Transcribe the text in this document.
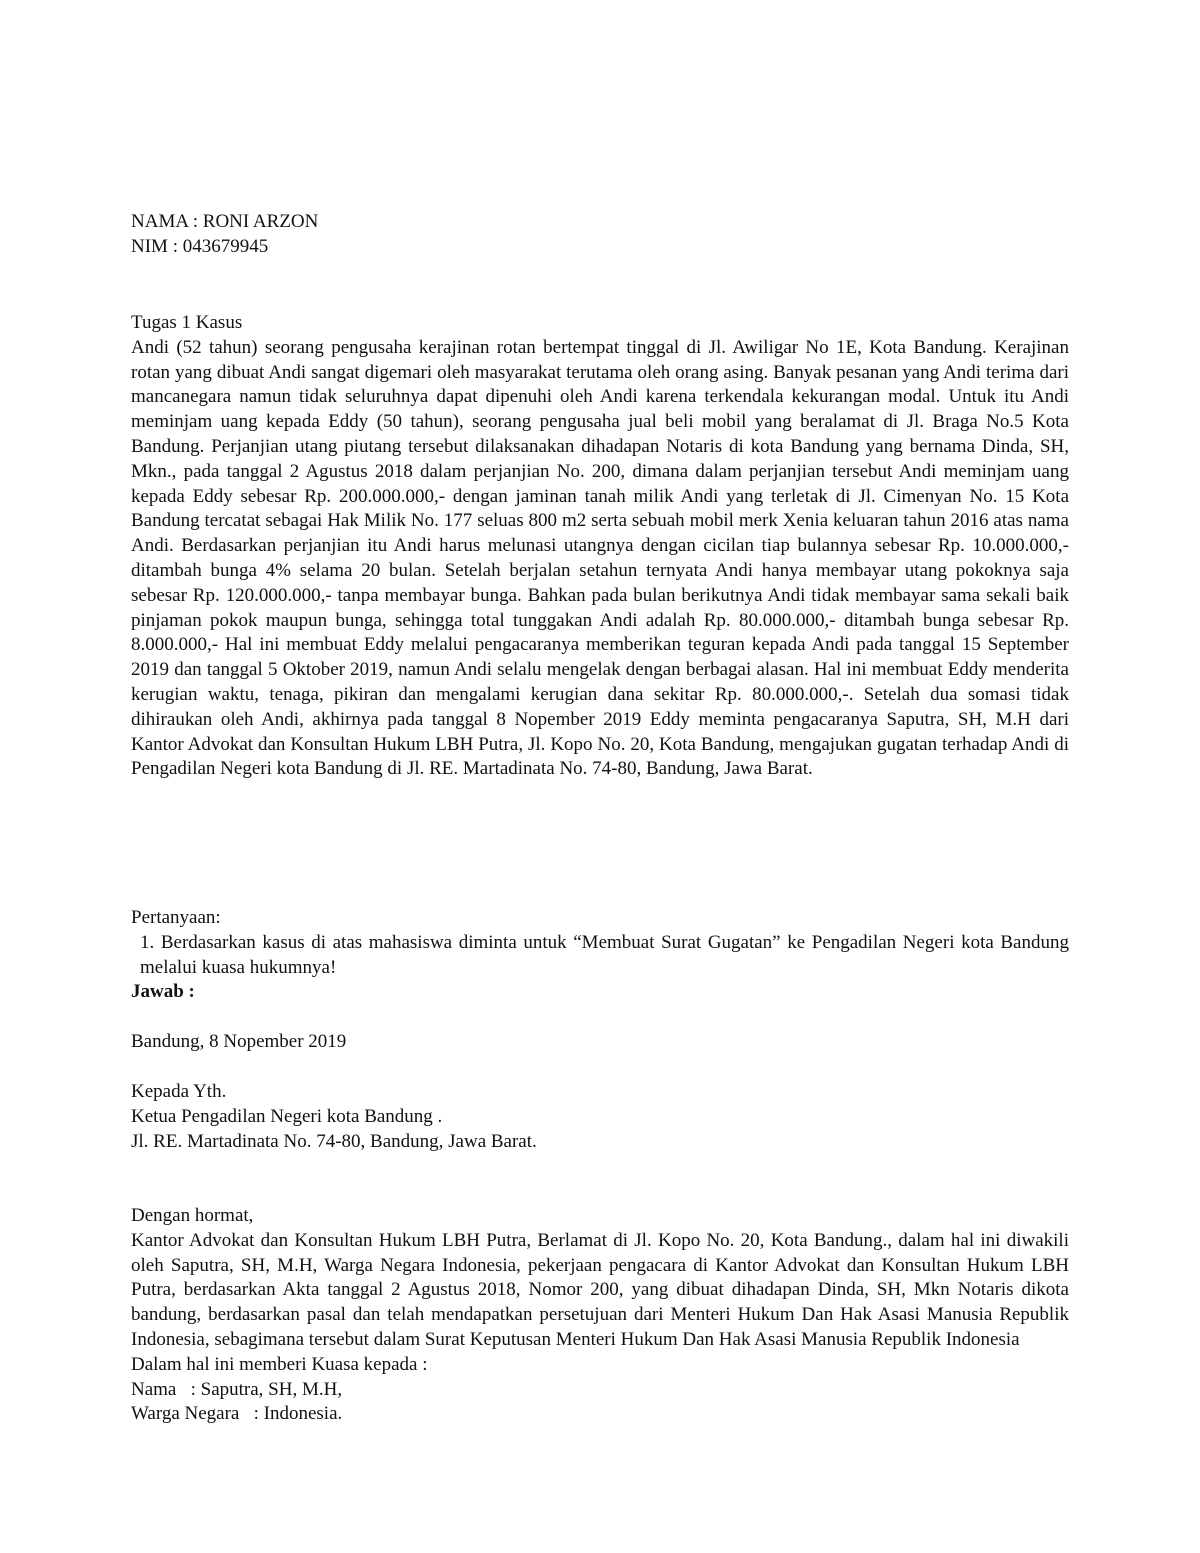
NAMA : RONI ARZON
NIM : 043679945
Tugas 1 Kasus
Andi (52 tahun) seorang pengusaha kerajinan rotan bertempat tinggal di Jl. Awiligar No 1E, Kota Bandung. Kerajinan rotan yang dibuat Andi sangat digemari oleh masyarakat terutama oleh orang asing. Banyak pesanan yang Andi terima dari mancanegara namun tidak seluruhnya dapat dipenuhi oleh Andi karena terkendala kekurangan modal. Untuk itu Andi meminjam uang kepada Eddy (50 tahun), seorang pengusaha jual beli mobil yang beralamat di Jl. Braga No.5 Kota Bandung. Perjanjian utang piutang tersebut dilaksanakan dihadapan Notaris di kota Bandung yang bernama Dinda, SH, Mkn., pada tanggal 2 Agustus 2018 dalam perjanjian No. 200, dimana dalam perjanjian tersebut Andi meminjam uang kepada Eddy sebesar Rp. 200.000.000,- dengan jaminan tanah milik Andi yang terletak di Jl. Cimenyan No. 15 Kota Bandung tercatat sebagai Hak Milik No. 177 seluas 800 m2 serta sebuah mobil merk Xenia keluaran tahun 2016 atas nama Andi. Berdasarkan perjanjian itu Andi harus melunasi utangnya dengan cicilan tiap bulannya sebesar Rp. 10.000.000,- ditambah bunga 4% selama 20 bulan. Setelah berjalan setahun ternyata Andi hanya membayar utang pokoknya saja sebesar Rp. 120.000.000,- tanpa membayar bunga. Bahkan pada bulan berikutnya Andi tidak membayar sama sekali baik pinjaman pokok maupun bunga, sehingga total tunggakan Andi adalah Rp. 80.000.000,- ditambah bunga sebesar Rp. 8.000.000,- Hal ini membuat Eddy melalui pengacaranya memberikan teguran kepada Andi pada tanggal 15 September 2019 dan tanggal 5 Oktober 2019, namun Andi selalu mengelak dengan berbagai alasan. Hal ini membuat Eddy menderita kerugian waktu, tenaga, pikiran dan mengalami kerugian dana sekitar Rp. 80.000.000,-. Setelah dua somasi tidak dihiraukan oleh Andi, akhirnya pada tanggal 8 Nopember 2019 Eddy meminta pengacaranya Saputra, SH, M.H dari Kantor Advokat dan Konsultan Hukum LBH Putra, Jl. Kopo No. 20, Kota Bandung, mengajukan gugatan terhadap Andi di Pengadilan Negeri kota Bandung di Jl. RE. Martadinata No. 74-80, Bandung, Jawa Barat.
Pertanyaan:
1. Berdasarkan kasus di atas mahasiswa diminta untuk “Membuat Surat Gugatan” ke Pengadilan Negeri kota Bandung melalui kuasa hukumnya!
Jawab :
Bandung, 8 Nopember 2019
Kepada Yth.
Ketua Pengadilan Negeri kota Bandung .
Jl. RE. Martadinata No. 74-80, Bandung, Jawa Barat.
Dengan hormat,
Kantor Advokat dan Konsultan Hukum LBH Putra, Berlamat di Jl. Kopo No. 20, Kota Bandung., dalam hal ini diwakili oleh Saputra, SH, M.H, Warga Negara Indonesia, pekerjaan pengacara di Kantor Advokat dan Konsultan Hukum LBH Putra, berdasarkan Akta tanggal 2 Agustus 2018, Nomor 200, yang dibuat dihadapan Dinda, SH, Mkn Notaris dikota bandung, berdasarkan pasal dan telah mendapatkan persetujuan dari Menteri Hukum Dan Hak Asasi Manusia Republik Indonesia, sebagimana tersebut dalam Surat Keputusan Menteri Hukum Dan Hak Asasi Manusia Republik Indonesia
Dalam hal ini memberi Kuasa kepada :
Nama   : Saputra, SH, M.H,
Warga Negara   : Indonesia.
